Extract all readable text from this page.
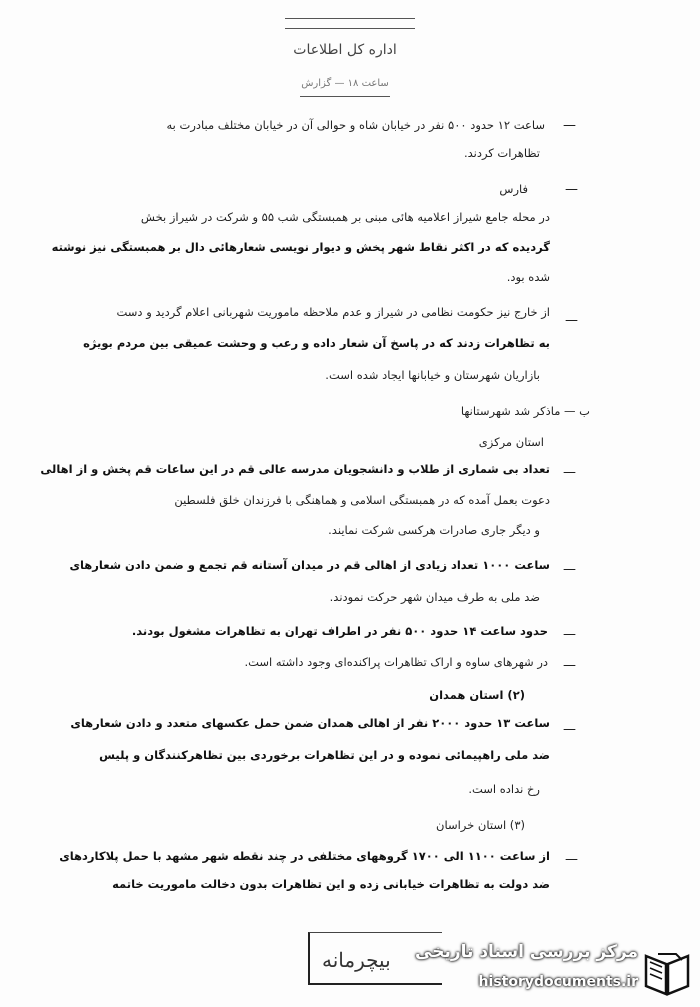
اداره کل اطلاعات
ساعت ۱۸ — گزارش
—
ساعت ۱۲ حدود ۵۰۰ نفر در خیابان شاه و حوالی آن در خیابان مختلف مبادرت به
تظاهرات کردند.
—
فارس
در محله جامع شیراز اعلامیه هائی مبنی بر همبستگی شب ۵۵ و شرکت در شیراز بخش
گردیده که در اکثر نقاط شهر پخش و دیوار نویسی شعارهائی دال بر همبستگی نیز نوشته
شده بود.
—
از خارج نیز حکومت نظامی در شیراز و عدم ملاحظه ماموریت شهربانی اعلام گردید و دست
به تظاهرات زدند که در پاسخ آن شعار داده و رعب و وحشت عمیقی بین مردم بویژه
بازاریان شهرستان و خیابانها ایجاد شده است.
ب — ماذکر شد شهرستانها
استان مرکزی
—
تعداد بی شماری از طلاب و دانشجویان مدرسه عالی قم در این ساعات قم پخش و از اهالی
دعوت بعمل آمده که در همبستگی اسلامی و هماهنگی با فرزندان خلق فلسطین
و دیگر جاری صادرات هرکسی شرکت نمایند.
—
ساعت ۱۰۰۰ تعداد زیادی از اهالی قم در میدان آستانه قم تجمع و ضمن دادن شعارهای
ضد ملی به طرف میدان شهر حرکت نمودند.
—
حدود ساعت ۱۴ حدود ۵۰۰ نفر در اطراف تهران به تظاهرات مشغول بودند.
—
در شهرهای ساوه و اراک تظاهرات پراکنده‌ای وجود داشته است.
(۲) استان همدان
—
ساعت ۱۳ حدود ۲۰۰۰ نفر از اهالی همدان ضمن حمل عکسهای متعدد و دادن شعارهای
ضد ملی راهپیمائی نموده و در این تظاهرات برخوردی بین تظاهرکنندگان و پلیس
رخ نداده است.
(۳) استان خراسان
—
از ساعت ۱۱۰۰ الی ۱۷۰۰ گروههای مختلفی در چند نقطه شهر مشهد با حمل پلاکاردهای
ضد دولت به تظاهرات خیابانی زده و این تظاهرات بدون دخالت ماموریت خاتمه
بیچرمانه مرکز بررسی اسناد تاریخی
historydocuments.ir
